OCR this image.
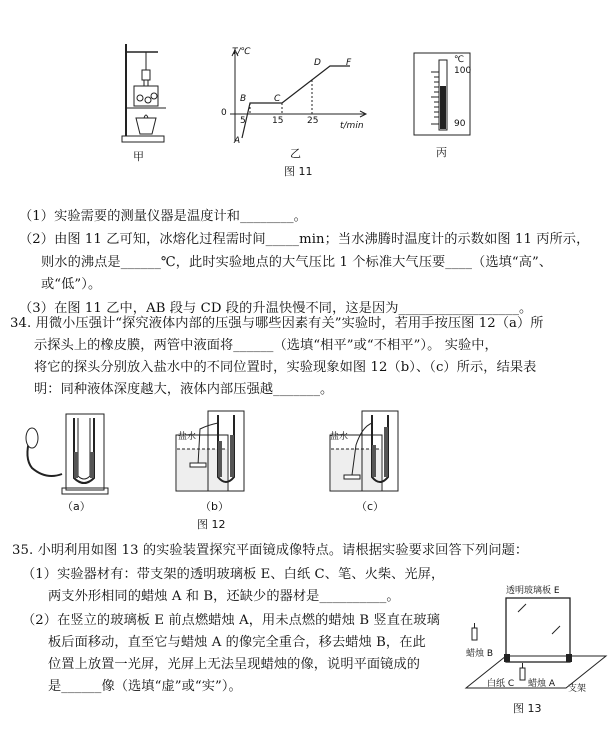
甲
T/℃
t/min
0
5	15	25
A
B	C
D	F
乙
图 11
℃
100
90
丙
（1）实验需要的测量仪器是温度计和________。
（2）由图 11 乙可知，冰熔化过程需时间_____min；当水沸腾时温度计的示数如图 11 丙所示，
则水的沸点是______℃，此时实验地点的大气压比 1 个标准大气压要____（选填“高”、
或“低”）。
（3）在图 11 乙中，AB 段与 CD 段的升温快慢不同，这是因为__________________。
34. 用微小压强计“探究液体内部的压强与哪些因素有关”实验时，若用手按压图 12（a）所
示探头上的橡皮膜，两管中液面将______（选填“相平”或“不相平”）。 实验中，
将它的探头分别放入盐水中的不同位置时，实验现象如图 12（b）、（c）所示，结果表
明：同种液体深度越大，液体内部压强越_______。
（a）
盐水
（b）
盐水
（c）
图 12
35. 小明利用如图 13 的实验装置探究平面镜成像特点。请根据实验要求回答下列问题：
（1）实验器材有：带支架的透明玻璃板 E、白纸 C、笔、火柴、光屏，
两支外形相同的蜡烛 A 和 B，还缺少的器材是__________。
（2）在竖立的玻璃板 E 前点燃蜡烛 A，用未点燃的蜡烛 B 竖直在玻璃
板后面移动，直至它与蜡烛 A 的像完全重合，移去蜡烛 B，在此
位置上放置一光屏，光屏上无法呈现蜡烛的像，说明平面镜成的
是______像（选填“虚”或“实”）。
透明玻璃板 E
蜡烛 B
白纸 C 蜡烛 A 支架
图 13
